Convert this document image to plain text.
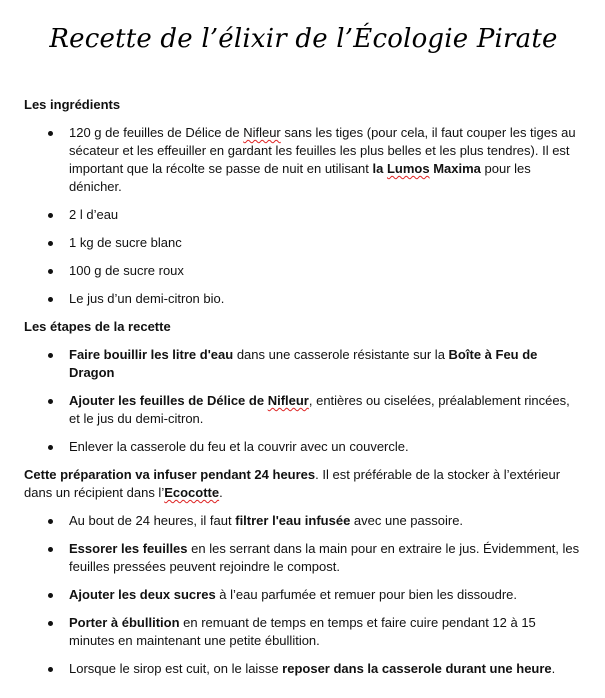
Recette de l’élixir de l’Écologie Pirate
Les ingrédients
120 g de feuilles de Délice de Nifleur sans les tiges (pour cela, il faut couper les tiges au sécateur et les effeuiller en gardant les feuilles les plus belles et les plus tendres). Il est important que la récolte se passe de nuit en utilisant la Lumos Maxima pour les dénicher.
2 l d’eau
1 kg de sucre blanc
100 g de sucre roux
Le jus d’un demi-citron bio.
Les étapes de la recette
Faire bouillir les litre d'eau dans une casserole résistante sur la Boîte à Feu de Dragon
Ajouter les feuilles de Délice de Nifleur, entières ou ciselées, préalablement rincées, et le jus du demi-citron.
Enlever la casserole du feu et la couvrir avec un couvercle.

Cette préparation va infuser pendant 24 heures. Il est préférable de la stocker à l’extérieur dans un récipient dans l’Ecocotte.

Au bout de 24 heures, il faut filtrer l'eau infusée avec une passoire.
Essorer les feuilles en les serrant dans la main pour en extraire le jus. Évidemment, les feuilles pressées peuvent rejoindre le compost.
Ajouter les deux sucres à l’eau parfumée et remuer pour bien les dissoudre.
Porter à ébullition en remuant de temps en temps et faire cuire pendant 12 à 15 minutes en maintenant une petite ébullition.
Lorsque le sirop est cuit, on le laisse reposer dans la casserole durant une heure.
